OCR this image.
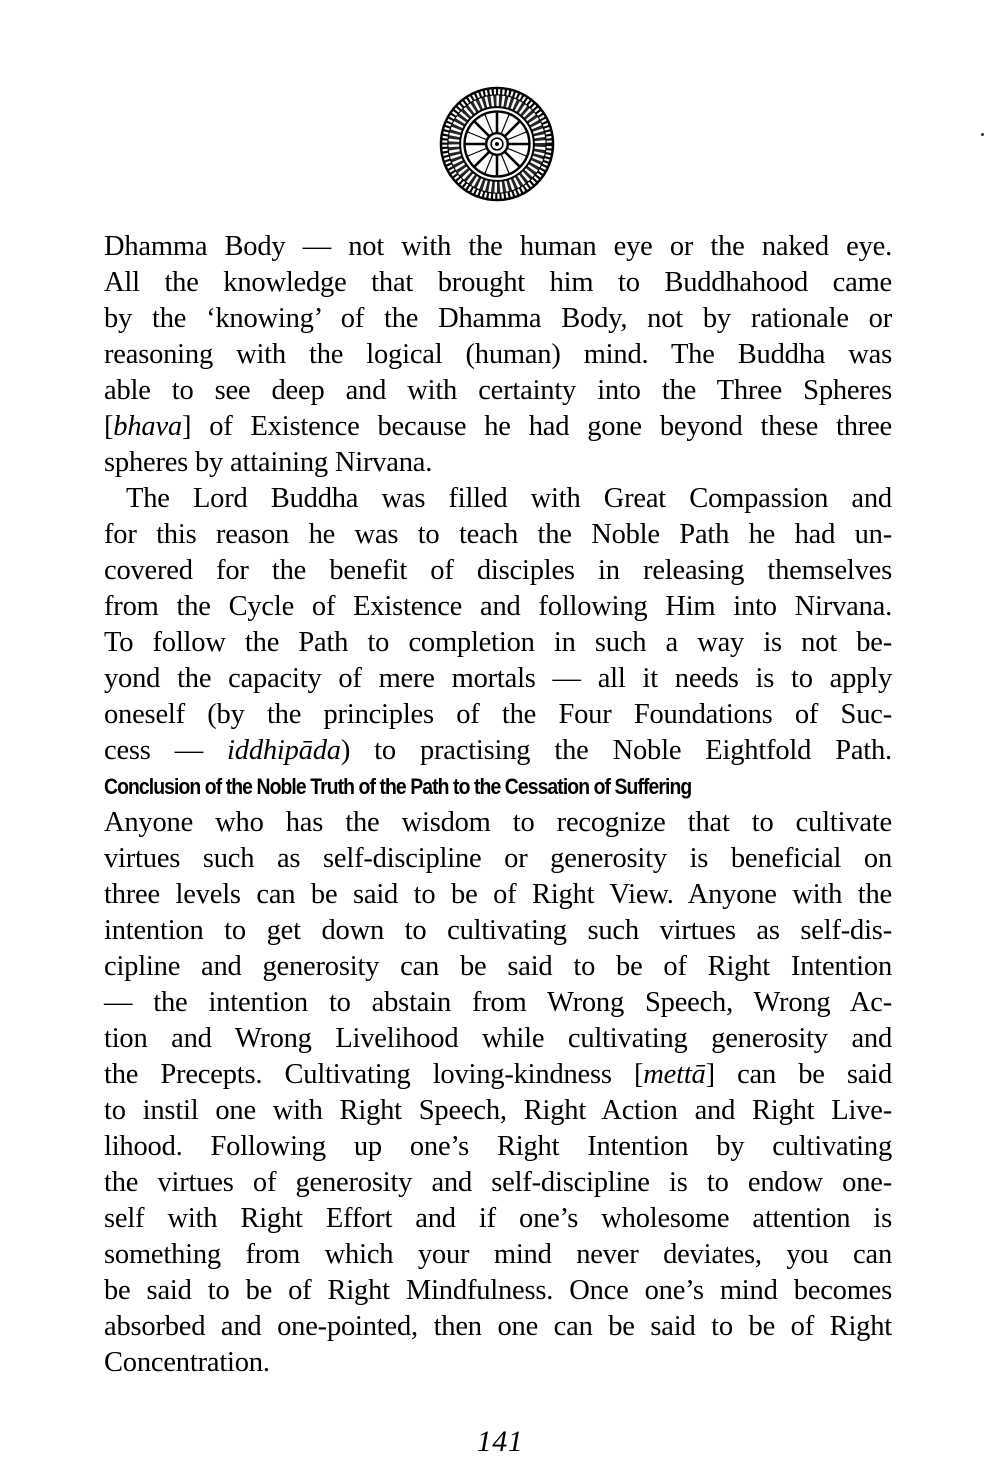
Dhamma Body — not with the human eye or the naked eye.
All the knowledge that brought him to Buddhahood came
by the ‘knowing’ of the Dhamma Body, not by rationale or
reasoning with the logical (human) mind. The Buddha was
able to see deep and with certainty into the Three Spheres
[bhava] of Existence because he had gone beyond these three
spheres by attaining Nirvana.
The Lord Buddha was filled with Great Compassion and
for this reason he was to teach the Noble Path he had un-
covered for the benefit of disciples in releasing themselves
from the Cycle of Existence and following Him into Nirvana.
To follow the Path to completion in such a way is not be-
yond the capacity of mere mortals — all it needs is to apply
oneself (by the principles of the Four Foundations of Suc-
cess — iddhipāda) to practising the Noble Eightfold Path.
Conclusion of the Noble Truth of the Path to the Cessation of Suffering
Anyone who has the wisdom to recognize that to cultivate
virtues such as self-discipline or generosity is beneficial on
three levels can be said to be of Right View. Anyone with the
intention to get down to cultivating such virtues as self-dis-
cipline and generosity can be said to be of Right Intention
— the intention to abstain from Wrong Speech, Wrong Ac-
tion and Wrong Livelihood while cultivating generosity and
the Precepts. Cultivating loving-kindness [mettā] can be said
to instil one with Right Speech, Right Action and Right Live-
lihood. Following up one’s Right Intention by cultivating
the virtues of generosity and self-discipline is to endow one-
self with Right Effort and if one’s wholesome attention is
something from which your mind never deviates, you can
be said to be of Right Mindfulness. Once one’s mind becomes
absorbed and one-pointed, then one can be said to be of Right
Concentration.
141
